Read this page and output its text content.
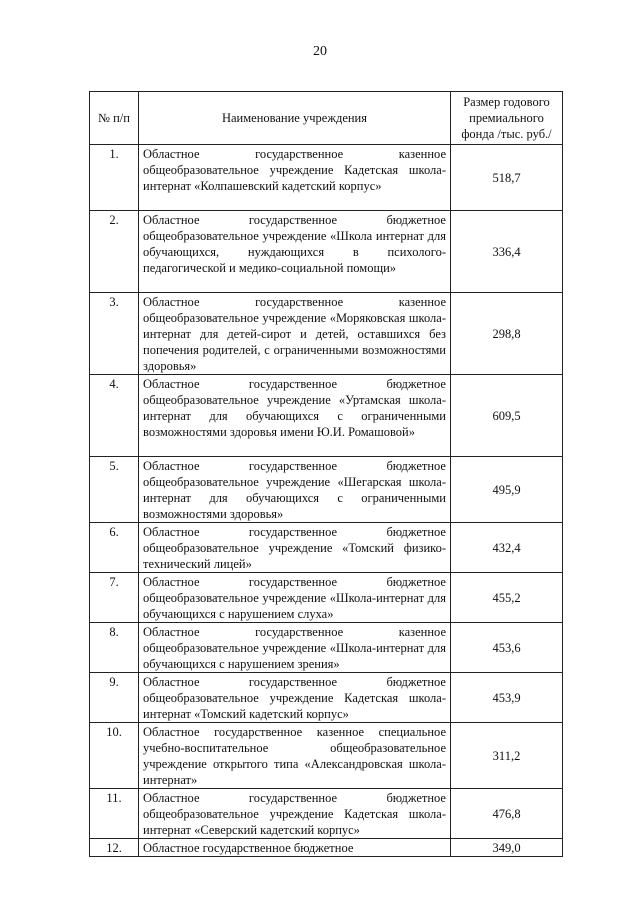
20
№ п/п	Наименование учреждения	Размер годового премиального фонда /тыс. руб./
1.	Областное государственное казенное общеобразовательное учреждение Кадетская школа-интернат «Колпашевский кадетский корпус»	518,7
2.	Областное государственное бюджетное общеобразовательное учреждение «Школа интернат для обучающихся, нуждающихся в психолого-педагогической и медико-социальной помощи»	336,4
3.	Областное государственное казенное общеобразовательное учреждение «Моряковская школа-интернат для детей-сирот и детей, оставшихся без попечения родителей, с ограниченными возможностями здоровья»	298,8
4.	Областное государственное бюджетное общеобразовательное учреждение «Уртамская школа-интернат для обучающихся с ограниченными возможностями здоровья имени Ю.И. Ромашовой»	609,5
5.	Областное государственное бюджетное общеобразовательное учреждение «Шегарская школа-интернат для обучающихся с ограниченными возможностями здоровья»	495,9
6.	Областное государственное бюджетное общеобразовательное учреждение «Томский физико-технический лицей»	432,4
7.	Областное государственное бюджетное общеобразовательное учреждение «Школа-интернат для обучающихся с нарушением слуха»	455,2
8.	Областное государственное казенное общеобразовательное учреждение «Школа-интернат для обучающихся с нарушением зрения»	453,6
9.	Областное государственное бюджетное общеобразовательное учреждение Кадетская школа-интернат «Томский кадетский корпус»	453,9
10.	Областное государственное казенное специальное учебно-воспитательное общеобразовательное учреждение открытого типа «Александровская школа-интернат»	311,2
11.	Областное государственное бюджетное общеобразовательное учреждение Кадетская школа-интернат «Северский кадетский корпус»	476,8
12.	Областное государственное бюджетное	349,0
